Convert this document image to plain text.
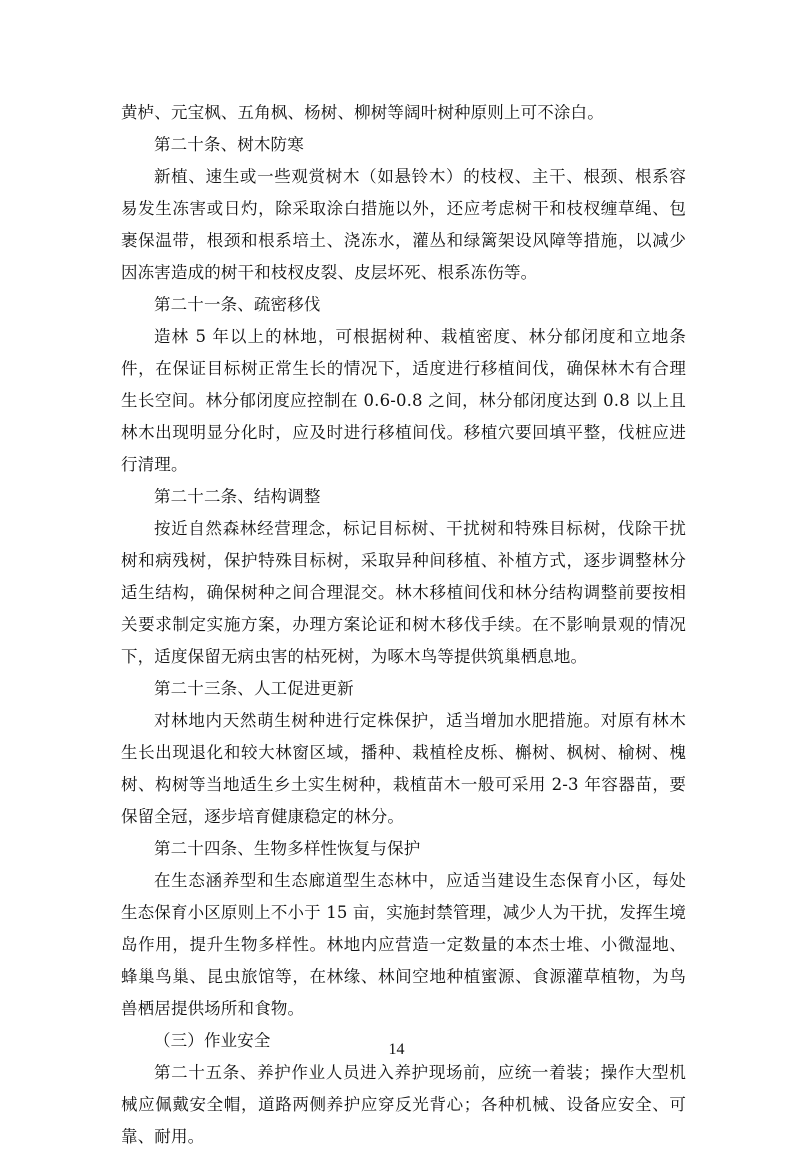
黄栌、元宝枫、五角枫、杨树、柳树等阔叶树种原则上可不涂白。

第二十条、树木防寒

新植、速生或一些观赏树木（如悬铃木）的枝杈、主干、根颈、根系容易发生冻害或日灼，除采取涂白措施以外，还应考虑树干和枝杈缠草绳、包裹保温带，根颈和根系培土、浇冻水，灌丛和绿篱架设风障等措施，以减少因冻害造成的树干和枝杈皮裂、皮层坏死、根系冻伤等。

第二十一条、疏密移伐

造林 5 年以上的林地，可根据树种、栽植密度、林分郁闭度和立地条件，在保证目标树正常生长的情况下，适度进行移植间伐，确保林木有合理生长空间。林分郁闭度应控制在 0.6-0.8 之间，林分郁闭度达到 0.8 以上且林木出现明显分化时，应及时进行移植间伐。移植穴要回填平整，伐桩应进行清理。

第二十二条、结构调整

按近自然森林经营理念，标记目标树、干扰树和特殊目标树，伐除干扰树和病残树，保护特殊目标树，采取异种间移植、补植方式，逐步调整林分适生结构，确保树种之间合理混交。林木移植间伐和林分结构调整前要按相关要求制定实施方案，办理方案论证和树木移伐手续。在不影响景观的情况下，适度保留无病虫害的枯死树，为啄木鸟等提供筑巢栖息地。

第二十三条、人工促进更新

对林地内天然萌生树种进行定株保护，适当增加水肥措施。对原有林木生长出现退化和较大林窗区域，播种、栽植栓皮栎、槲树、枫树、榆树、槐树、构树等当地适生乡土实生树种，栽植苗木一般可采用 2-3 年容器苗，要保留全冠，逐步培育健康稳定的林分。

第二十四条、生物多样性恢复与保护

在生态涵养型和生态廊道型生态林中，应适当建设生态保育小区，每处生态保育小区原则上不小于 15 亩，实施封禁管理，减少人为干扰，发挥生境岛作用，提升生物多样性。林地内应营造一定数量的本杰士堆、小微湿地、蜂巢鸟巢、昆虫旅馆等，在林缘、林间空地种植蜜源、食源灌草植物，为鸟兽栖居提供场所和食物。

（三）作业安全

第二十五条、养护作业人员进入养护现场前，应统一着装；操作大型机械应佩戴安全帽，道路两侧养护应穿反光背心；各种机械、设备应安全、可靠、耐用。

14
